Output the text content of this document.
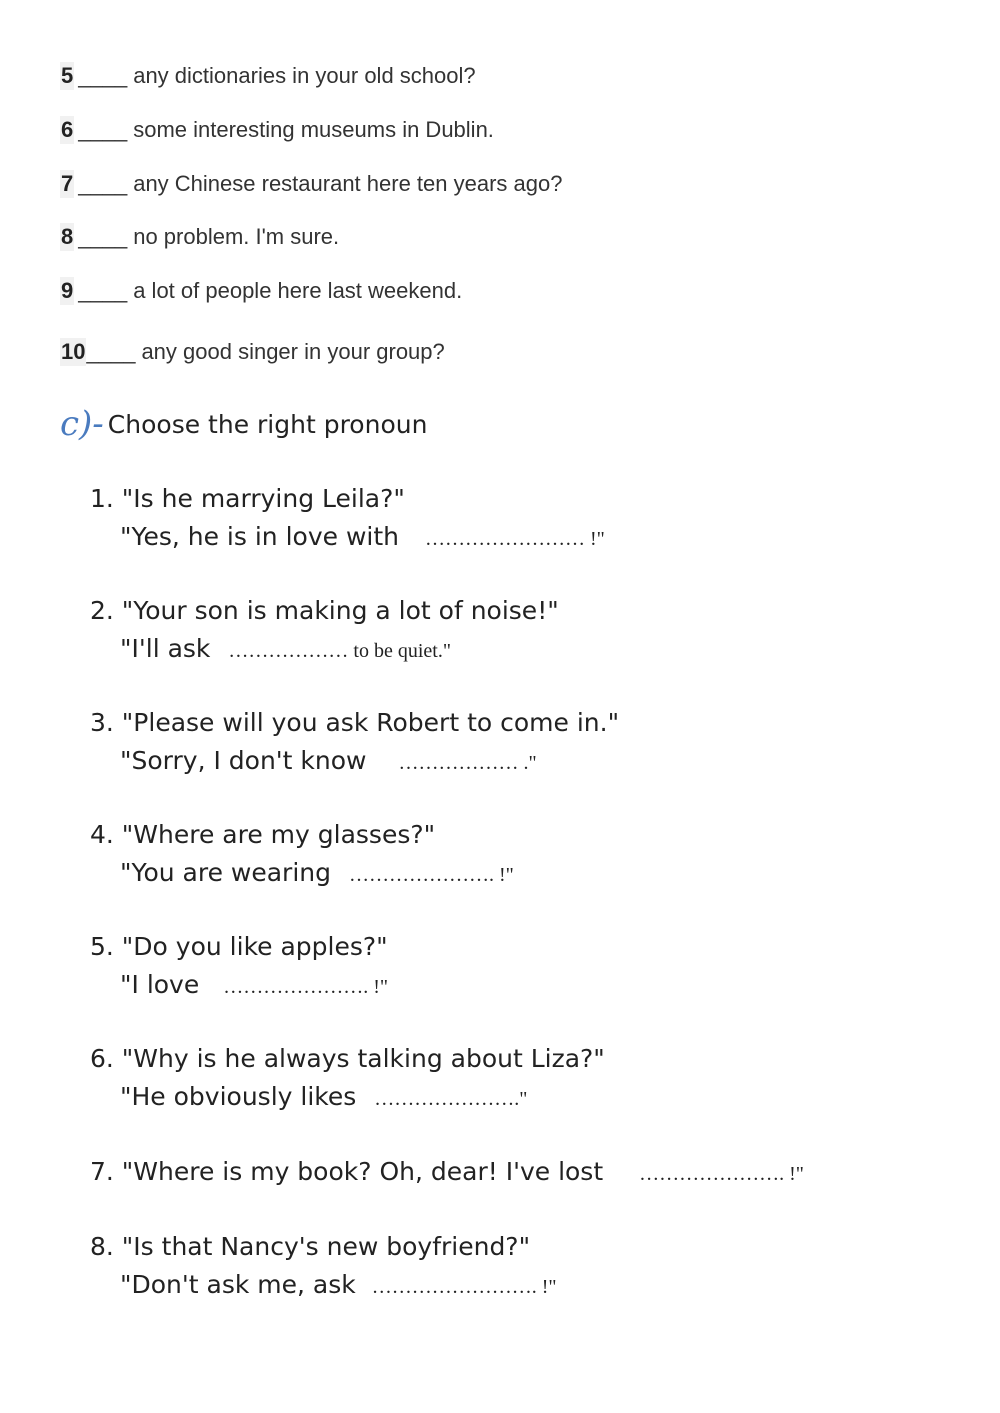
5 ____ any dictionaries in your old school?
6 ____ some interesting museums in Dublin.
7 ____ any Chinese restaurant here ten years ago?
8 ____ no problem. I'm sure.
9 ____ a lot of people here last weekend.
10____ any good singer in your group?
c)- Choose the right pronoun
1. "Is he marrying Leila?"
"Yes, he is in love with …………………… !"
2. "Your son is making a lot of noise!"
"I'll ask ……………… to be quiet."
3. "Please will you ask Robert to come in."
"Sorry, I don't know ……………… ."
4. "Where are my glasses?"
"You are wearing …………………. !"
5. "Do you like apples?"
"I love …………………. !"
6. "Why is he always talking about Liza?"
"He obviously likes …………………."
7. "Where is my book? Oh, dear! I've lost …………………. !"
8. "Is that Nancy's new boyfriend?"
"Don't ask me, ask ……………………. !"
